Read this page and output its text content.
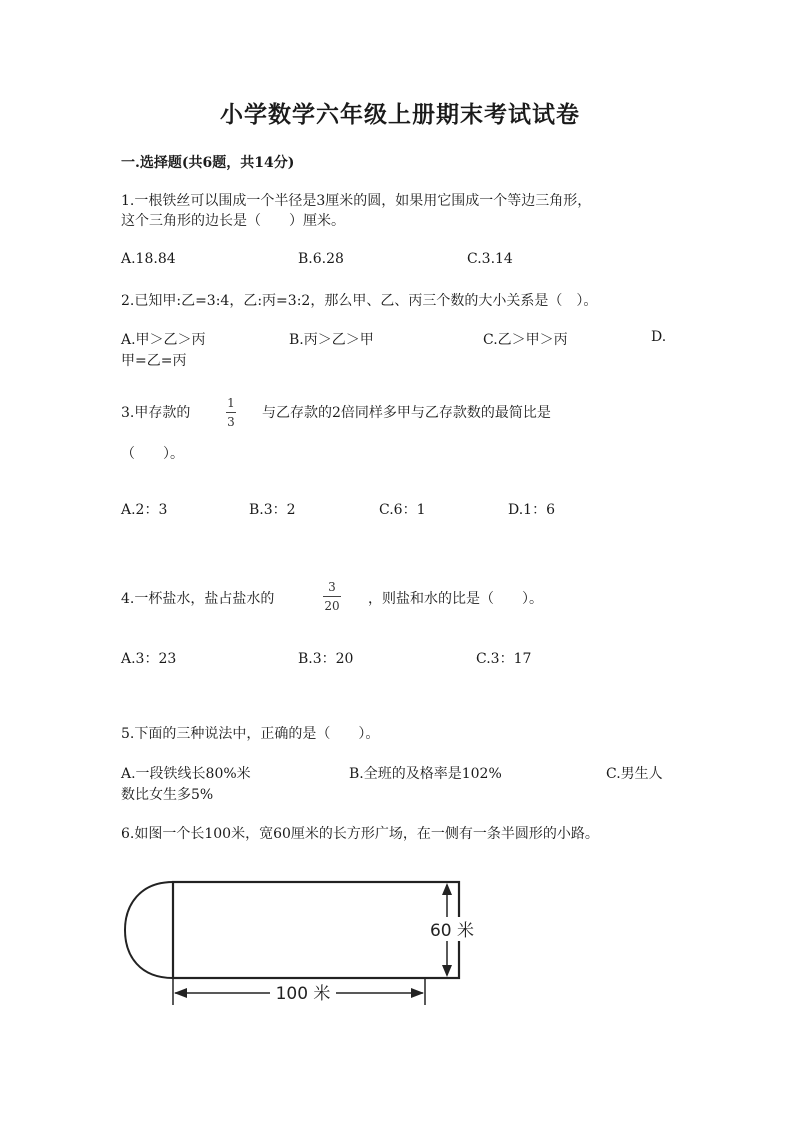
小学数学六年级上册期末考试试卷
一.选择题(共6题，共14分)
1.一根铁丝可以围成一个半径是3厘米的圆，如果用它围成一个等边三角形，
这个三角形的边长是（　　）厘米。
A.18.84	B.6.28	C.3.14
2.已知甲:乙=3:4，乙:丙=3:2，那么甲、乙、丙三个数的大小关系是（　）。
A.甲＞乙＞丙	B.丙＞乙＞甲	C.乙＞甲＞丙	D.
甲=乙=丙
3.甲存款的
1
3
与乙存款的2倍同样多甲与乙存款数的最简比是
（　　）。
A.2：3	B.3：2	C.6：1	D.1：6
4.一杯盐水，盐占盐水的
3
20 ，则盐和水的比是（　　）。
A.3：23	B.3：20	C.3：17
5.下面的三种说法中，正确的是（　　）。
A.一段铁线长80%米	B.全班的及格率是102%	C.男生人
数比女生多5%
6.如图一个长100米，宽60厘米的长方形广场，在一侧有一条半圆形的小路。
60 米
100 米
